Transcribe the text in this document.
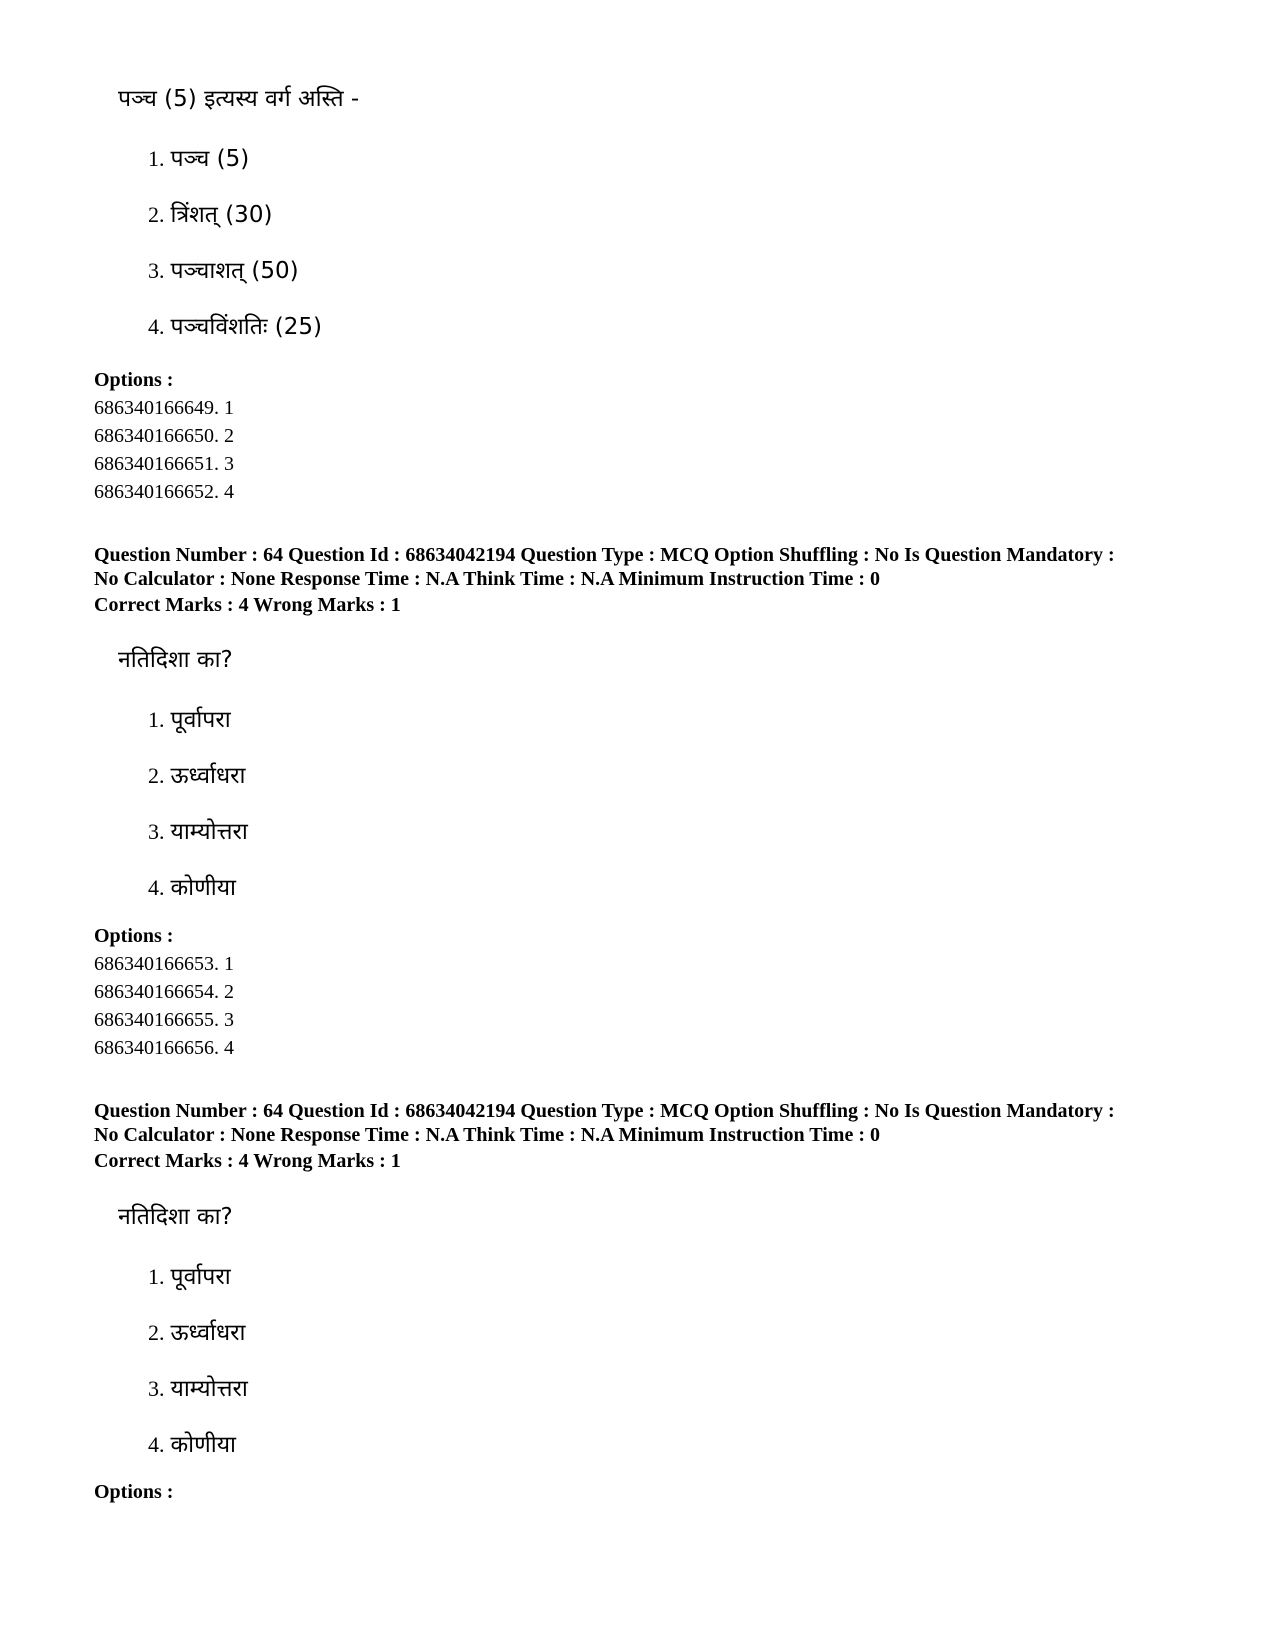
पञ्च (5) इत्यस्य वर्ग अस्ति -
1. पञ्च (5)
2. त्रिंशत् (30)
3. पञ्चाशत् (50)
4. पञ्चविंशतिः (25)
Options :
686340166649. 1
686340166650. 2
686340166651. 3
686340166652. 4
Question Number : 64 Question Id : 68634042194 Question Type : MCQ Option Shuffling : No Is Question Mandatory :
No Calculator : None Response Time : N.A Think Time : N.A Minimum Instruction Time : 0
Correct Marks : 4 Wrong Marks : 1
नतिदिशा का?
1. पूर्वापरा
2. ऊर्ध्वाधरा
3. याम्योत्तरा
4. कोणीया
Options :
686340166653. 1
686340166654. 2
686340166655. 3
686340166656. 4
Question Number : 64 Question Id : 68634042194 Question Type : MCQ Option Shuffling : No Is Question Mandatory :
No Calculator : None Response Time : N.A Think Time : N.A Minimum Instruction Time : 0
Correct Marks : 4 Wrong Marks : 1
नतिदिशा का?
1. पूर्वापरा
2. ऊर्ध्वाधरा
3. याम्योत्तरा
4. कोणीया
Options :
